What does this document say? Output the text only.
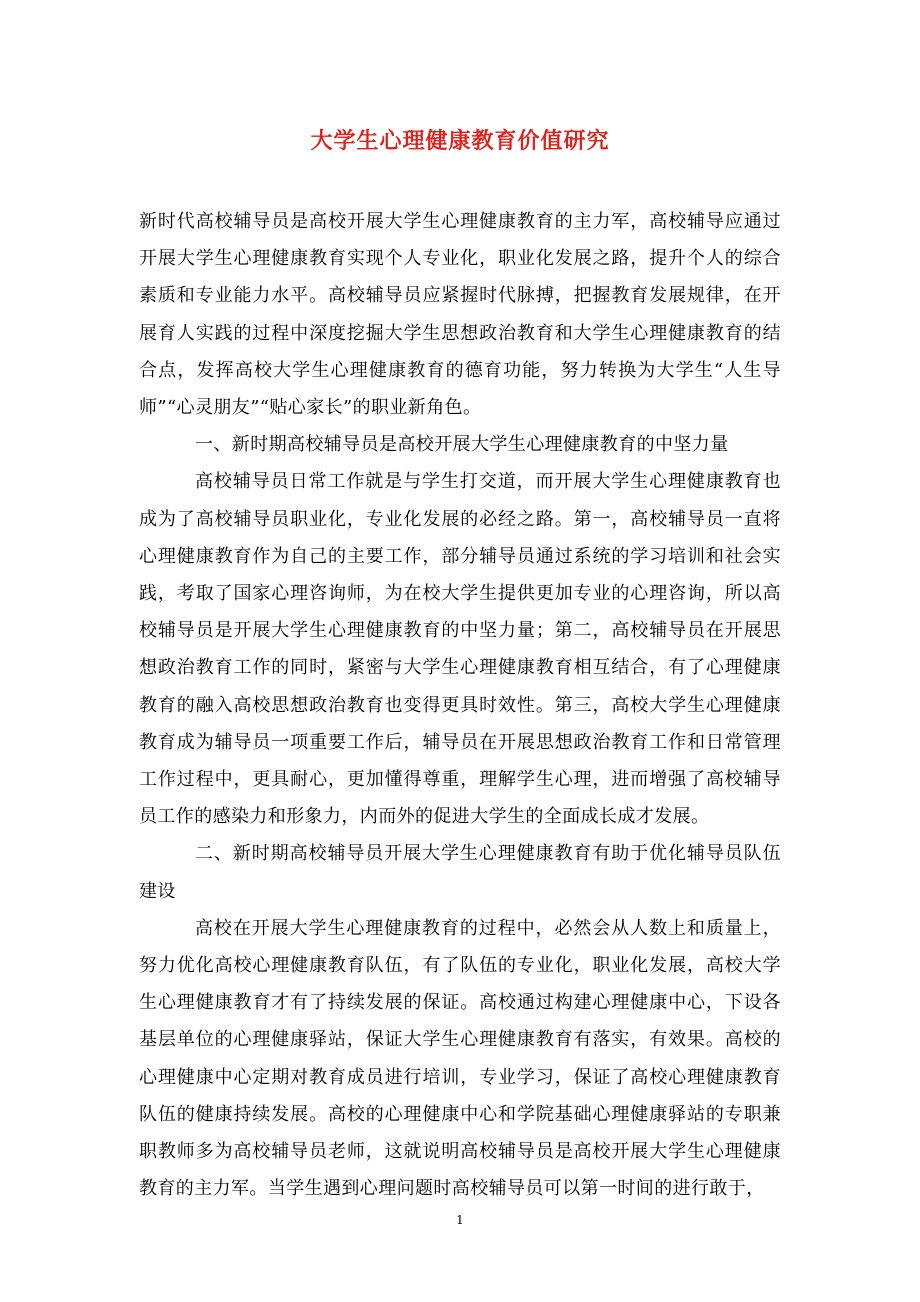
大学生心理健康教育价值研究

新时代高校辅导员是高校开展大学生心理健康教育的主力军，高校辅导应通过开展大学生心理健康教育实现个人专业化，职业化发展之路，提升个人的综合素质和专业能力水平。高校辅导员应紧握时代脉搏，把握教育发展规律，在开展育人实践的过程中深度挖掘大学生思想政治教育和大学生心理健康教育的结合点，发挥高校大学生心理健康教育的德育功能，努力转换为大学生“人生导师”“心灵朋友”“贴心家长”的职业新角色。

一、新时期高校辅导员是高校开展大学生心理健康教育的中坚力量

高校辅导员日常工作就是与学生打交道，而开展大学生心理健康教育也成为了高校辅导员职业化，专业化发展的必经之路。第一，高校辅导员一直将心理健康教育作为自己的主要工作，部分辅导员通过系统的学习培训和社会实践，考取了国家心理咨询师，为在校大学生提供更加专业的心理咨询，所以高校辅导员是开展大学生心理健康教育的中坚力量；第二，高校辅导员在开展思想政治教育工作的同时，紧密与大学生心理健康教育相互结合，有了心理健康教育的融入高校思想政治教育也变得更具时效性。第三，高校大学生心理健康教育成为辅导员一项重要工作后，辅导员在开展思想政治教育工作和日常管理工作过程中，更具耐心，更加懂得尊重，理解学生心理，进而增强了高校辅导员工作的感染力和形象力，内而外的促进大学生的全面成长成才发展。

二、新时期高校辅导员开展大学生心理健康教育有助于优化辅导员队伍建设

高校在开展大学生心理健康教育的过程中，必然会从人数上和质量上，努力优化高校心理健康教育队伍，有了队伍的专业化，职业化发展，高校大学生心理健康教育才有了持续发展的保证。高校通过构建心理健康中心，下设各基层单位的心理健康驿站，保证大学生心理健康教育有落实，有效果。高校的心理健康中心定期对教育成员进行培训，专业学习，保证了高校心理健康教育队伍的健康持续发展。高校的心理健康中心和学院基础心理健康驿站的专职兼职教师多为高校辅导员老师，这就说明高校辅导员是高校开展大学生心理健康教育的主力军。当学生遇到心理问题时高校辅导员可以第一时间的进行敢于，

1
